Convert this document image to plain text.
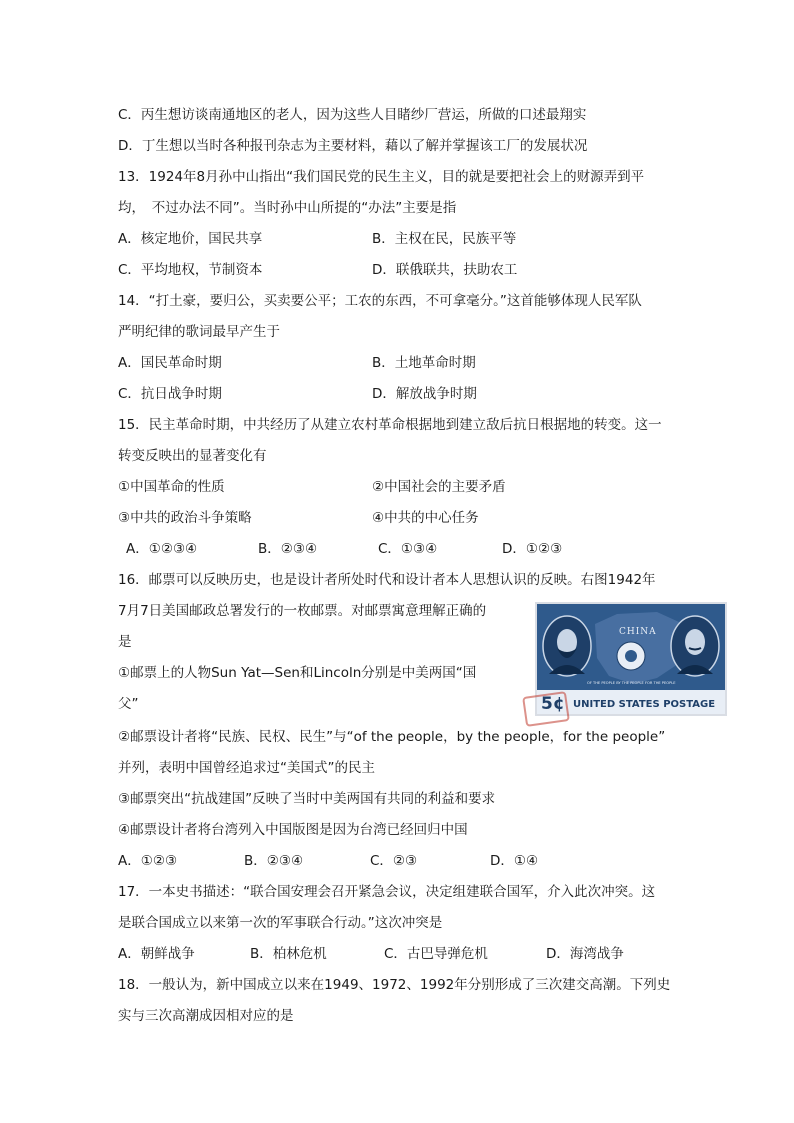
C．丙生想访谈南通地区的老人，因为这些人目睹纱厂营运，所做的口述最翔实
D．丁生想以当时各种报刊杂志为主要材料，藉以了解并掌握该工厂的发展状况
13．1924年8月孙中山指出“我们国民党的民生主义，目的就是要把社会上的财源弄到平
均，　不过办法不同”。当时孙中山所提的“办法”主要是指
A．核定地价，国民共享	B．主权在民，民族平等
C．平均地权，节制资本	D．联俄联共，扶助农工
14．“打土豪，要归公，买卖要公平；工农的东西，不可拿毫分。”这首能够体现人民军队
严明纪律的歌词最早产生于
A．国民革命时期	B．土地革命时期
C．抗日战争时期	D．解放战争时期
15．民主革命时期，中共经历了从建立农村革命根据地到建立敌后抗日根据地的转变。这一
转变反映出的显著变化有
①中国革命的性质	②中国社会的主要矛盾
③中共的政治斗争策略	④中共的中心任务
A．①②③④	B．②③④	C．①③④	D．①②③
16．邮票可以反映历史，也是设计者所处时代和设计者本人思想认识的反映。右图1942年
7月7日美国邮政总署发行的一枚邮票。对邮票寓意理解正确的
是
①邮票上的人物Sun Yat—Sen和Lincoln分别是中美两国“国
父”
②邮票设计者将“民族、民权、民生”与“of the people，by the people，for the people”
并列，表明中国曾经追求过“美国式”的民主
③邮票突出“抗战建国”反映了当时中美两国有共同的利益和要求
④邮票设计者将台湾列入中国版图是因为台湾已经回归中国
A．①②③	B．②③④	C．②③	D．①④
17．一本史书描述：“联合国安理会召开紧急会议，决定组建联合国军，介入此次冲突。这
是联合国成立以来第一次的军事联合行动。”这次冲突是
A．朝鲜战争	B．柏林危机	C．古巴导弹危机	D．海湾战争
18．一般认为，新中国成立以来在1949、1972、1992年分别形成了三次建交高潮。下列史
实与三次高潮成因相对应的是
CHINA
OF THE PEOPLE BY THE PEOPLE FOR THE PEOPLE
5¢ UNITED STATES POSTAGE
